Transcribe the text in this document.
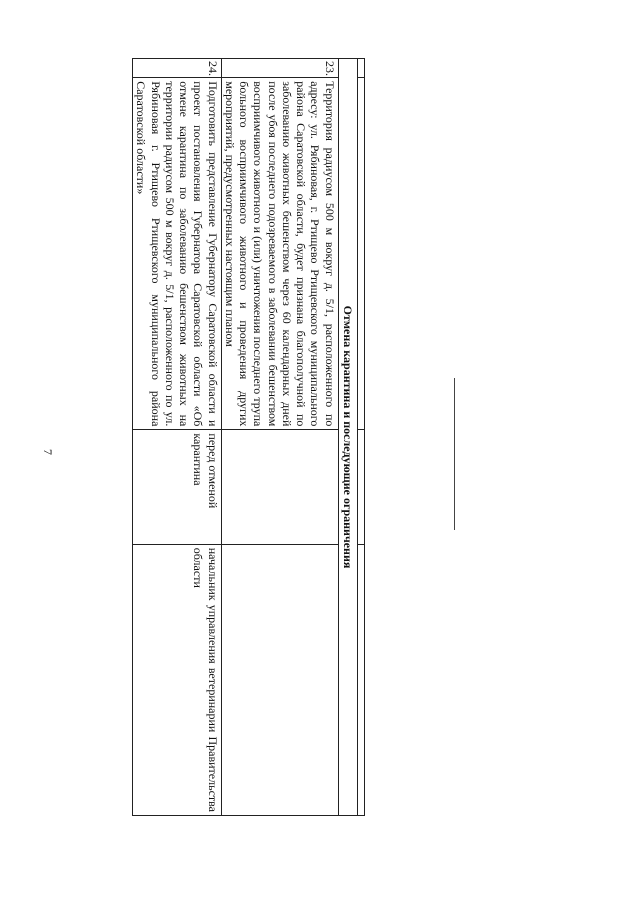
7
				Отмена карантина и последующие ограничения			
23.	Территория радиусом 500 м вокруг д. 5/1, расположенного по адресу: ул. Рябиновая, г. Ртищево Ртищевского муниципального района Саратовской области, будет признана благополучной по заболеванию животных бешенством через 60 календарных дней после убоя последнего подозреваемого в заболевании бешенством восприимчивого животного и (или) уничтожения последнего трупа больного восприимчивого животного и проведения других мероприятий, предусмотренных настоящим планом		
24.	Подготовить представление Губернатору Саратовской области и проект постановления Губернатора Саратовской области «Об отмене карантина по заболеванию бешенством животных на территории радиусом 500 м вокруг д. 5/1, расположенного по ул. Рябиновая г. Ртищево Ртищевского муниципального района Саратовской области»	перед отменой карантина	начальник управления ветеринарии Правительства области
